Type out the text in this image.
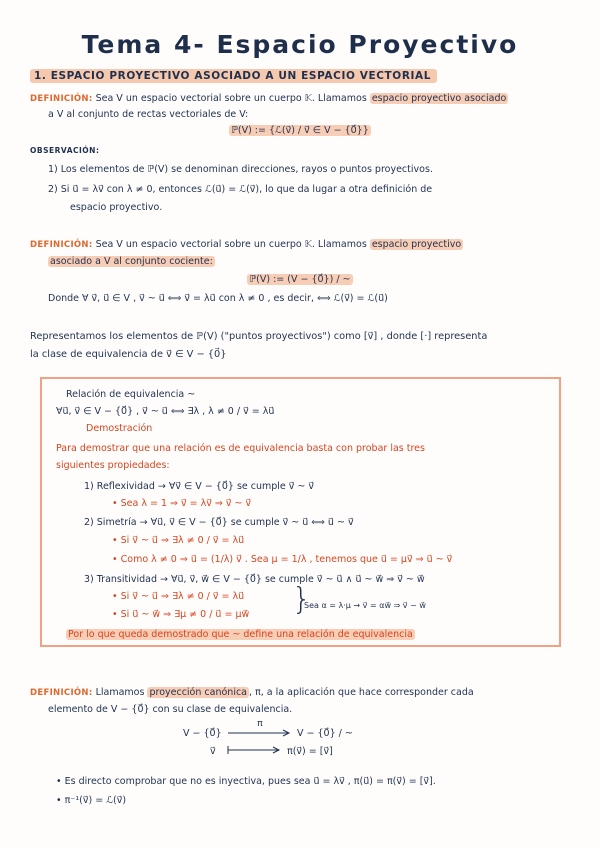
Tema 4- Espacio Proyectivo
1. ESPACIO PROYECTIVO ASOCIADO A UN ESPACIO VECTORIAL
DEFINICIÓN: Sea V un espacio vectorial sobre un cuerpo 𝕂. Llamamos espacio proyectivo asociado
a V al conjunto de rectas vectoriales de V:
ℙ(V) := {ℒ(v⃗) / v⃗ ∈ V − {0⃗}}
OBSERVACIÓN:
1) Los elementos de ℙ(V) se denominan direcciones, rayos o puntos proyectivos.
2) Si u⃗ = λv⃗ con λ ≠ 0, entonces ℒ(u⃗) = ℒ(v⃗), lo que da lugar a otra definición de
espacio proyectivo.
DEFINICIÓN: Sea V un espacio vectorial sobre un cuerpo 𝕂. Llamamos espacio proyectivo
asociado a V al conjunto cociente:
ℙ(V) := (V − {0⃗}) / ~
Donde ∀ v⃗, u⃗ ∈ V , v⃗ ~ u⃗ ⟺ v⃗ = λu⃗ con λ ≠ 0 , es decir, ⟺ ℒ(v⃗) = ℒ(u⃗)
Representamos los elementos de ℙ(V) ("puntos proyectivos") como [v⃗] , donde [·] representa
la clase de equivalencia de v⃗ ∈ V − {0⃗}
Relación de equivalencia ~
∀u⃗, v⃗ ∈ V − {0⃗} , v⃗ ~ u⃗ ⟺ ∃λ , λ ≠ 0 / v⃗ = λu⃗
Demostración
Para demostrar que una relación es de equivalencia basta con probar las tres
siguientes propiedades:
1) Reflexividad → ∀v⃗ ∈ V − {0⃗} se cumple v⃗ ~ v⃗
• Sea λ = 1 ⇒ v⃗ = λv⃗ ⇒ v⃗ ~ v⃗
2) Simetría → ∀u⃗, v⃗ ∈ V − {0⃗} se cumple v⃗ ~ u⃗ ⟺ u⃗ ~ v⃗
• Si v⃗ ~ u⃗ ⇒ ∃λ ≠ 0 / v⃗ = λu⃗
• Como λ ≠ 0 ⇒ u⃗ = (1/λ) v⃗ . Sea μ = 1/λ , tenemos que u⃗ = μv⃗ ⇒ u⃗ ~ v⃗
3) Transitividad → ∀u⃗, v⃗, w⃗ ∈ V − {0⃗} se cumple v⃗ ~ u⃗ ∧ u⃗ ~ w⃗ ⇒ v⃗ ~ w⃗
• Si v⃗ ~ u⃗ ⇒ ∃λ ≠ 0 / v⃗ = λu⃗
• Si u⃗ ~ w⃗ ⇒ ∃μ ≠ 0 / u⃗ = μw⃗ }
Sea α = λ·μ → v⃗ = αw⃗ ⇒ v⃗ ~ w⃗
Por lo que queda demostrado que ~ define una relación de equivalencia
DEFINICIÓN: Llamamos proyección canónica , π, a la aplicación que hace corresponder cada
elemento de V − {0⃗} con su clase de equivalencia.
V − {0⃗}
π
V − {0⃗} / ~
v⃗	π(v⃗) = [v⃗]
• Es directo comprobar que no es inyectiva, pues sea u⃗ = λv⃗ , π(u⃗) = π(v⃗) = [v⃗].
• π⁻¹(v⃗) = ℒ(v⃗)
